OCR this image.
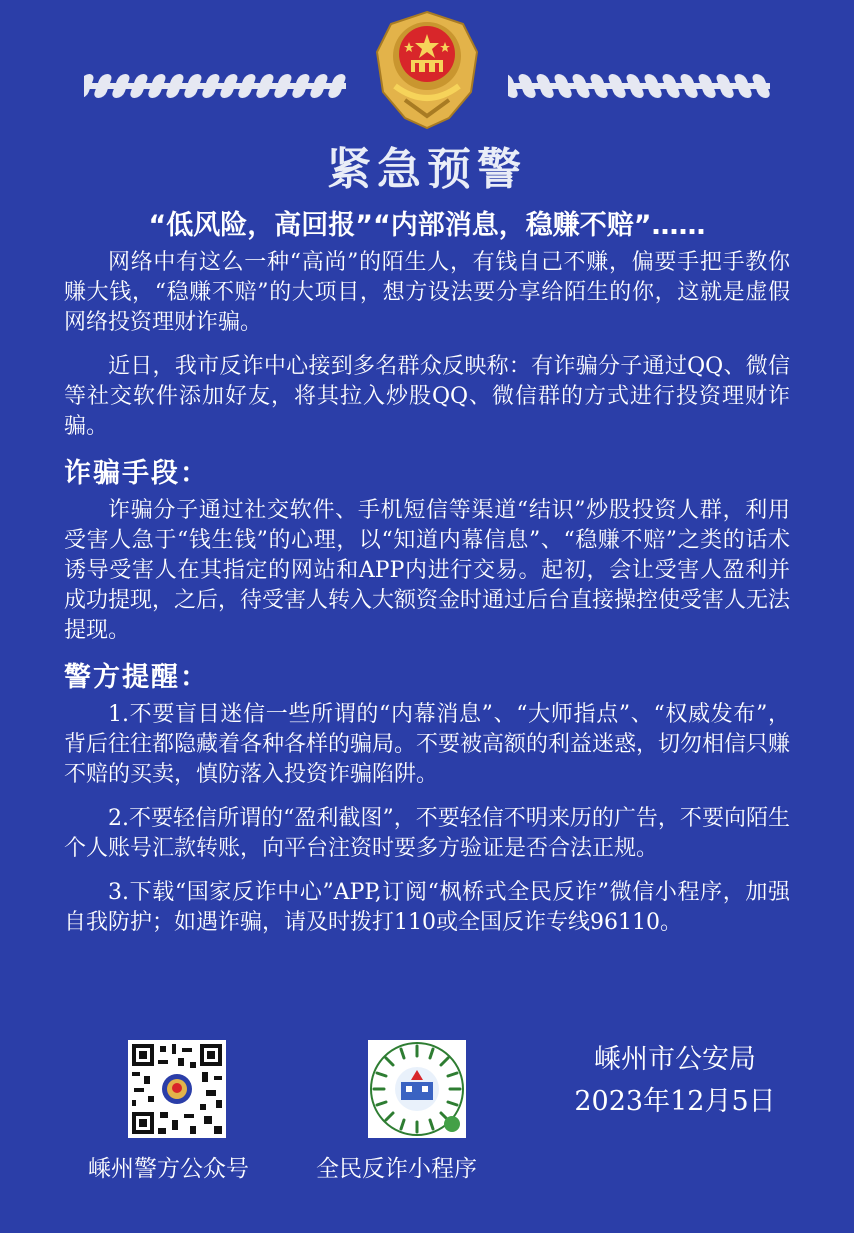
紧急预警
“低风险，高回报”“内部消息，稳赚不赔”……

网络中有这么一种“高尚”的陌生人，有钱自己不赚，偏要手把手教你赚大钱，“稳赚不赔”的大项目，想方设法要分享给陌生的你，这就是虚假网络投资理财诈骗。

近日，我市反诈中心接到多名群众反映称：有诈骗分子通过QQ、微信等社交软件添加好友，将其拉入炒股QQ、微信群的方式进行投资理财诈骗。

诈骗手段：

诈骗分子通过社交软件、手机短信等渠道“结识”炒股投资人群，利用受害人急于“钱生钱”的心理，以“知道内幕信息”、“稳赚不赔”之类的话术诱导受害人在其指定的网站和APP内进行交易。起初，会让受害人盈利并成功提现，之后，待受害人转入大额资金时通过后台直接操控使受害人无法提现。

警方提醒：

1.不要盲目迷信一些所谓的“内幕消息”、“大师指点”、“权威发布”，背后往往都隐藏着各种各样的骗局。不要被高额的利益迷惑，切勿相信只赚不赔的买卖，慎防落入投资诈骗陷阱。

2.不要轻信所谓的“盈利截图”，不要轻信不明来历的广告，不要向陌生个人账号汇款转账，向平台注资时要多方验证是否合法正规。

3.下载“国家反诈中心”APP,订阅“枫桥式全民反诈”微信小程序，加强自我防护；如遇诈骗，请及时拨打110或全国反诈专线96110。

嵊州警方公众号	全民反诈小程序
嵊州市公安局
2023年12月5日
